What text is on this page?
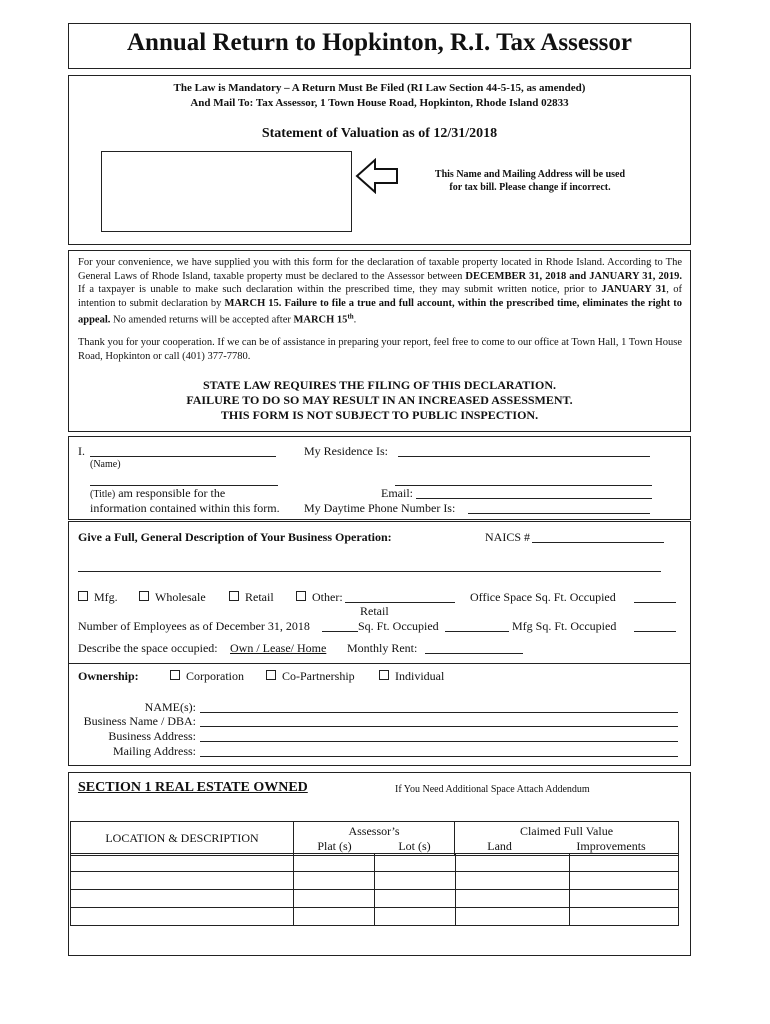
Annual Return to Hopkinton, R.I. Tax Assessor
The Law is Mandatory – A Return Must Be Filed (RI Law Section 44-5-15, as amended)
And Mail To: Tax Assessor, 1 Town House Road, Hopkinton, Rhode Island 02833
Statement of Valuation as of 12/31/2018
This Name and Mailing Address will be used
for tax bill. Please change if incorrect.
For your convenience, we have supplied you with this form for the declaration of taxable property located in Rhode Island. According to The General Laws of Rhode Island, taxable property must be declared to the Assessor between DECEMBER 31, 2018 and JANUARY 31, 2019. If a taxpayer is unable to make such declaration within the prescribed time, they may submit written notice, prior to JANUARY 31, of intention to submit declaration by MARCH 15. Failure to file a true and full account, within the prescribed time, eliminates the right to appeal. No amended returns will be accepted after MARCH 15th.
Thank you for your cooperation. If we can be of assistance in preparing your report, feel free to come to our office at Town Hall, 1 Town House Road, Hopkinton or call (401) 377-7780.
STATE LAW REQUIRES THE FILING OF THIS DECLARATION.
FAILURE TO DO SO MAY RESULT IN AN INCREASED ASSESSMENT.
THIS FORM IS NOT SUBJECT TO PUBLIC INSPECTION.
I.
(Name)
My Residence Is:
(Title) am responsible for the
information contained within this form.
Email:
My Daytime Phone Number Is:
Give a Full, General Description of Your Business Operation:	NAICS #
Mfg.	Wholesale	Retail	Other:	Office Space Sq. Ft. Occupied
Retail
Number of Employees as of December 31, 2018	Sq. Ft. Occupied	Mfg Sq. Ft. Occupied
Describe the space occupied: Own / Lease/ Home Monthly Rent:
Ownership:	Corporation	Co-Partnership	Individual
NAME(s):
Business Name / DBA:
Business Address:
Mailing Address:
SECTION 1 REAL ESTATE OWNED	If You Need Additional Space Attach Addendum
LOCATION & DESCRIPTION	
Assessor’s
Plat (s)	Lot (s)

Claimed Full Value
Land	Improvements
